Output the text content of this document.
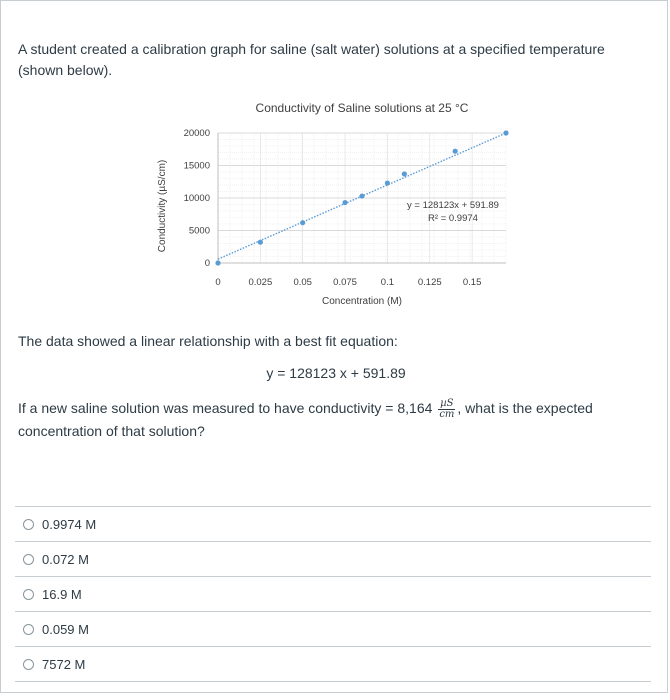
A student created a calibration graph for saline (salt water) solutions at a specified temperature (shown below).

Conductivity of Saline solutions at 25 °C
0
5000
10000
15000
20000
0	0.025 0.05 0.075	0.1	0.125 0.15
Concentration (M)
Conductivity (µS/cm)	y = 128123x + 591.89
R² = 0.9974

The data showed a linear relationship with a best fit equation:

y = 128123 x + 591.89
If a new saline solution was measured to have conductivity = $8,164 \frac{\text{µS}}{cm}$ , what is the expected concentration of that solution?
0.9974 M
0.072 M
16.9 M
0.059 M
7572 M
